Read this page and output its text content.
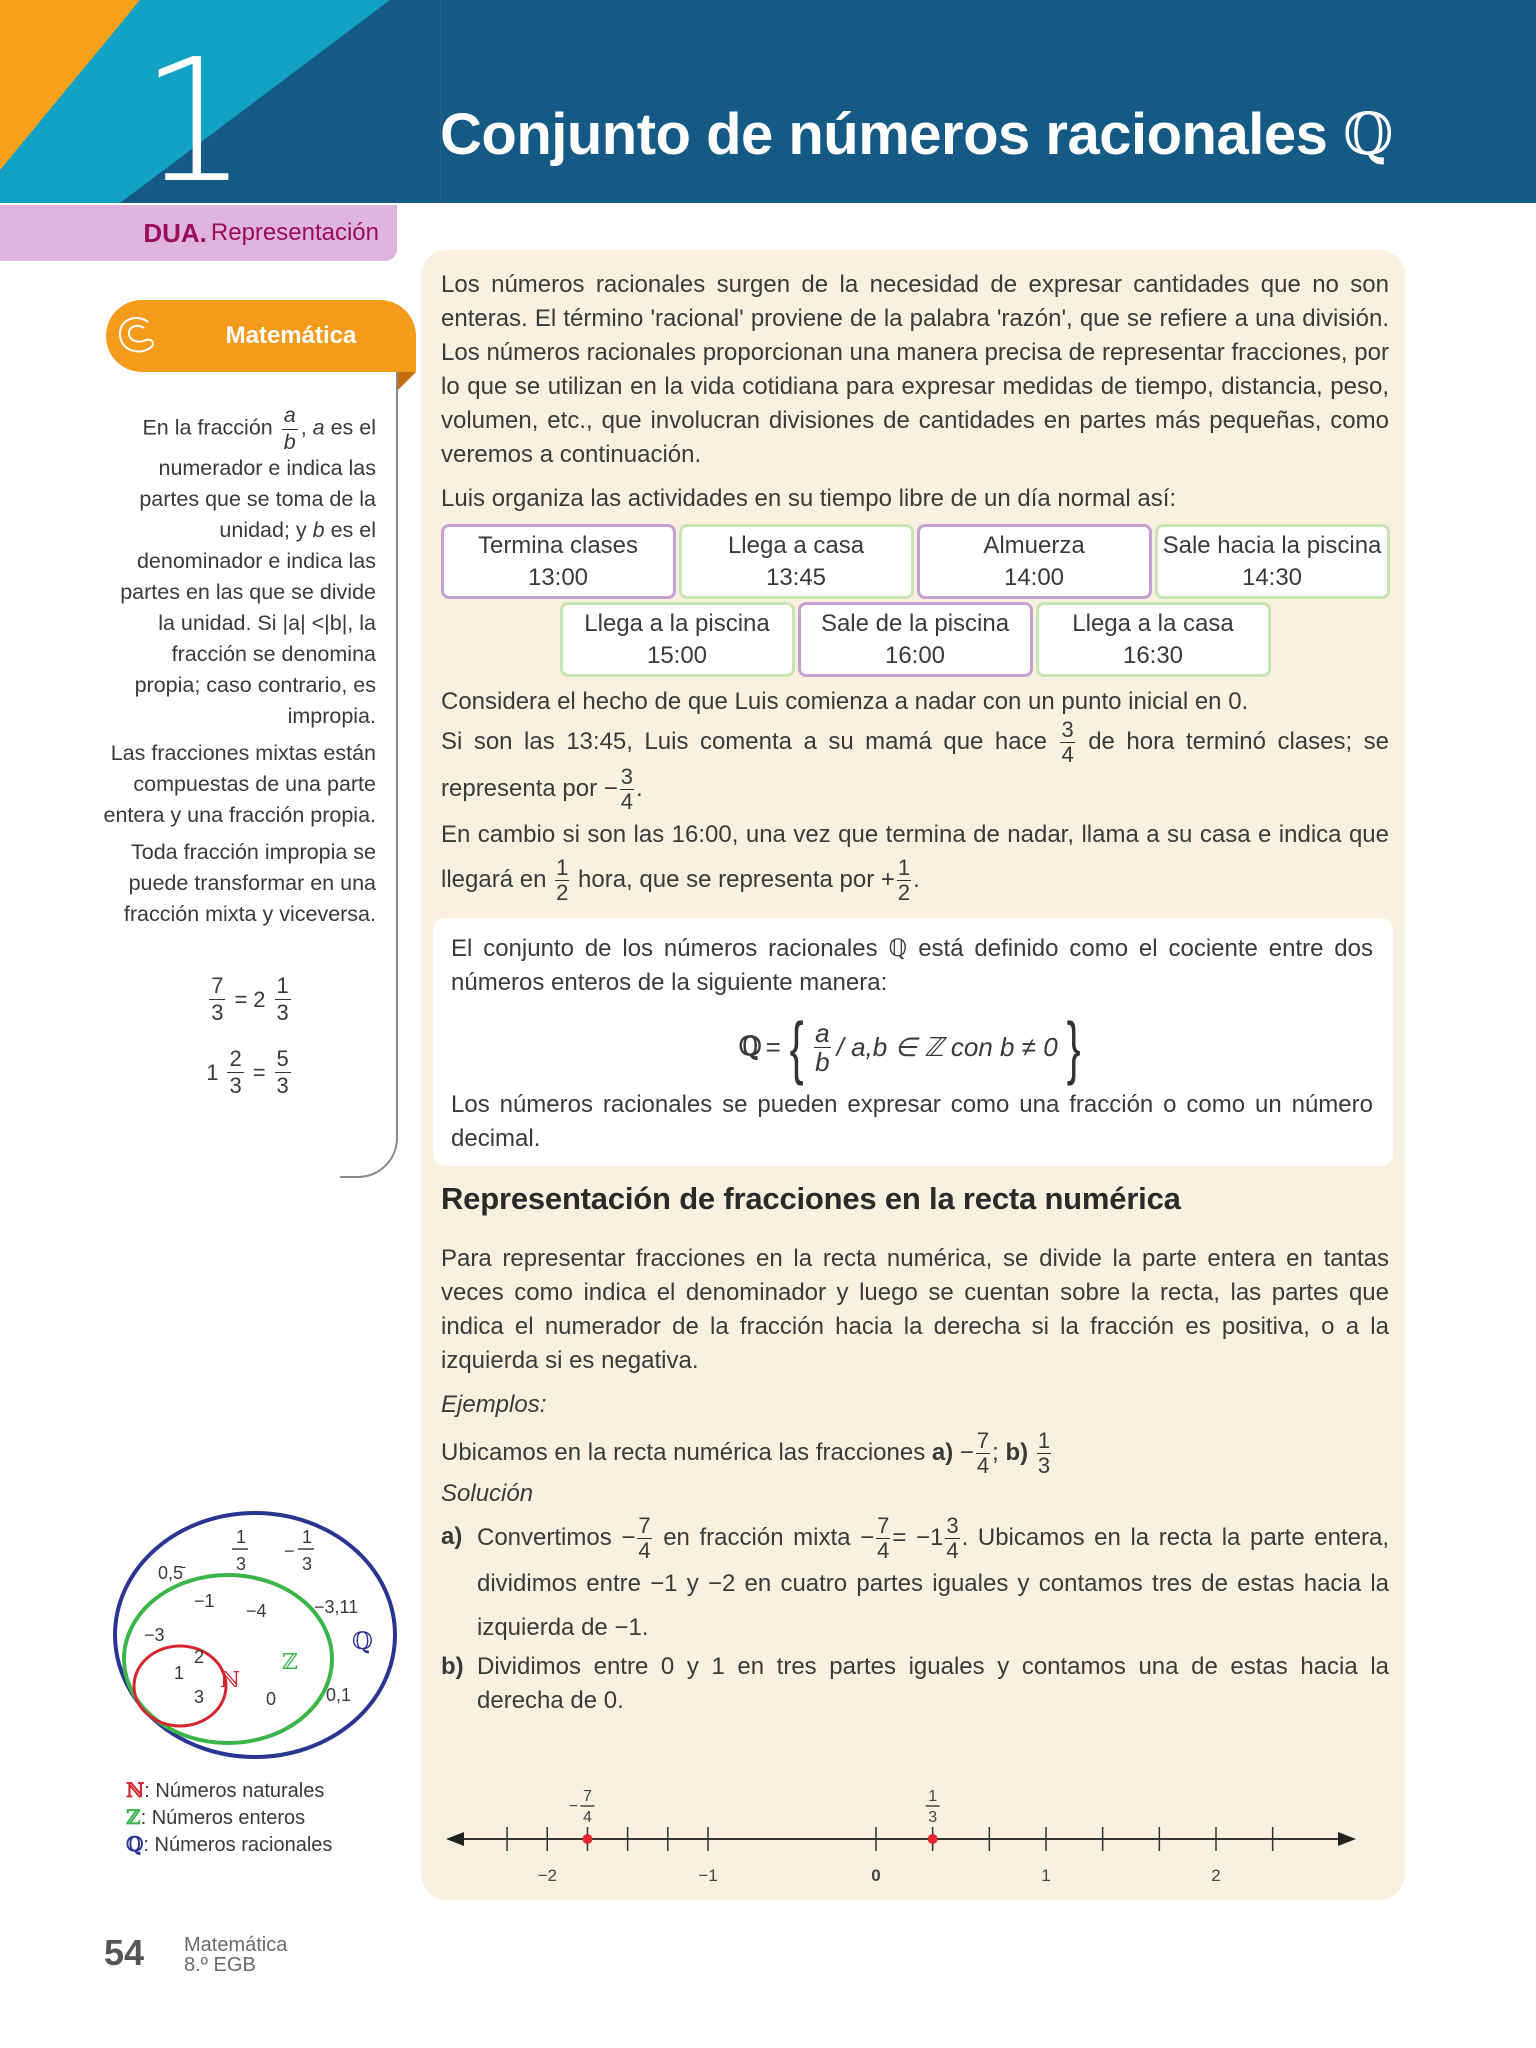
1	Conjunto de números racionales ℚ
DUA. Representación
Matemática

En la fracción $\frac{a}{b}$ , a es el numerador e indica las partes que se toma de la unidad; y b es el denominador e indica las partes en las que se divide la unidad. Si |a| <|b|, la fracción se denomina propia; caso contrario, es impropia.

Las fracciones mixtas están compuestas de una parte entera y una fracción propia.

Toda fracción impropia se puede transformar en una fracción mixta y viceversa.

$\frac{7}{3} = 2 \frac{1}{3}$
$1 \frac{2}{3} = \frac{5}{3}$
0,5̄
1
3
−
1
3
−1 −4	−3,11
−3
2
1
3	0	0,1
ℕ
ℤ
ℚ
ℕ: Números naturales
ℤ: Números enteros
ℚ: Números racionales

Los números racionales surgen de la necesidad de expresar cantidades que no son enteras. El término 'racional' proviene de la palabra 'razón', que se refiere a una división. Los números racionales proporcionan una manera precisa de representar fracciones, por lo que se utilizan en la vida cotidiana para expresar medidas de tiempo, distancia, peso, volumen, etc., que involucran divisiones de cantidades en partes más pequeñas, como veremos a continuación.

Luis organiza las actividades en su tiempo libre de un día normal así:

Termina clases
13:00
Llega a casa
13:45
Almuerza
14:00
Sale hacia la piscina
14:30
Llega a la piscina
15:00
Sale de la piscina
16:00
Llega a la casa
16:30

Considera el hecho de que Luis comienza a nadar con un punto inicial en 0.

Si son las 13:45, Luis comenta a su mamá que hace $\frac{3}{4}$ de hora terminó clases; se representa por − $\frac{3}{4}$ .

En cambio si son las 16:00, una vez que termina de nadar, llama a su casa e indica que llegará en $\frac{1}{2}$ hora, que se representa por + $\frac{1}{2}$ .

El conjunto de los números racionales ℚ está definido como el cociente entre dos números enteros de la siguiente manera:

ℚ = { $\frac{a}{b} / a,b$ ∈ ℤ con b ≠ 0 }

Los números racionales se pueden expresar como una fracción o como un número decimal.

Representación de fracciones en la recta numérica

Para representar fracciones en la recta numérica, se divide la parte entera en tantas veces como indica el denominador y luego se cuentan sobre la recta, las partes que indica el numerador de la fracción hacia la derecha si la fracción es positiva, o a la izquierda si es negativa.

Ejemplos:

Ubicamos en la recta numérica las fracciones $a) - \frac{7}{4}$ ; $b) \frac{1}{3}$

Solución

a) Convertimos − $\frac{7}{4}$ en fracción mixta − $\frac{7}{4} = -1 \frac{3}{4}$ . Ubicamos en la recta la parte entera, dividimos entre −1 y −2 en cuatro partes iguales y contamos tres de estas hacia la izquierda de −1.
b) Dividimos entre 0 y 1 en tres partes iguales y contamos una de estas hacia la derecha de 0.
−2	−1	0	1	2
7
4
−
1
3
54 Matemática
8.º EGB
